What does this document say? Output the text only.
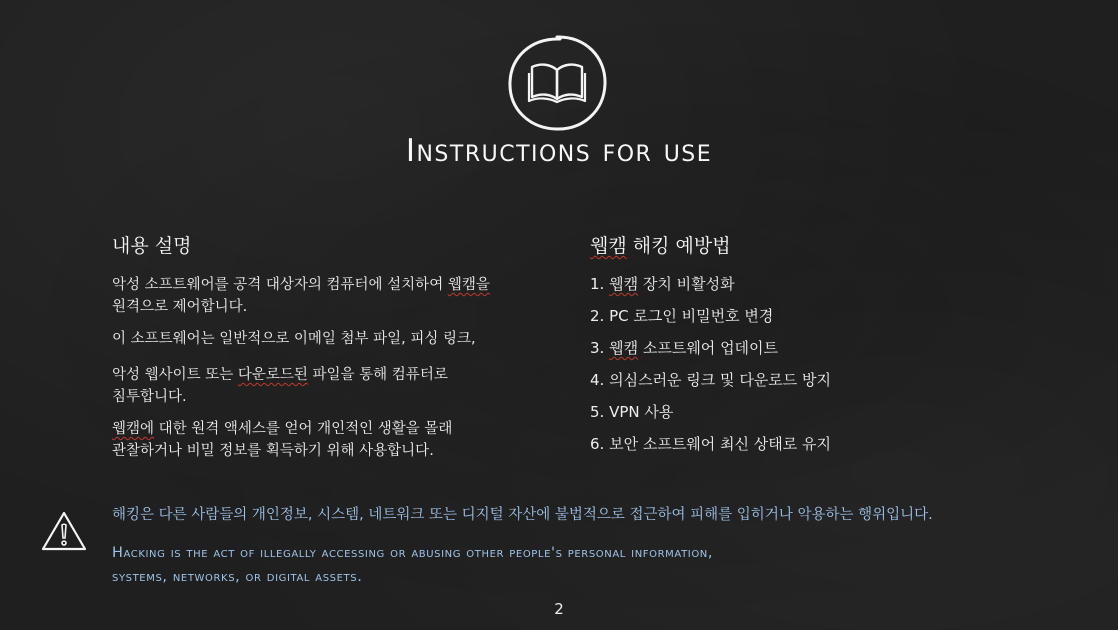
Instructions for use
내용 설명
악성 소프트웨어를 공격 대상자의 컴퓨터에 설치하여 웹캠을
원격으로 제어합니다.
이 소프트웨어는 일반적으로 이메일 첨부 파일, 피싱 링크,
악성 웹사이트 또는 다운로드된 파일을 통해 컴퓨터로
침투합니다.
웹캠에 대한 원격 액세스를 얻어 개인적인 생활을 몰래
관찰하거나 비밀 정보를 획득하기 위해 사용합니다.
웹캠 해킹 예방법
1. 웹캠 장치 비활성화
2. PC 로그인 비밀번호 변경
3. 웹캠 소프트웨어 업데이트
4. 의심스러운 링크 및 다운로드 방지
5. VPN 사용
6. 보안 소프트웨어 최신 상태로 유지
해킹은 다른 사람들의 개인정보, 시스템, 네트워크 또는 디지털 자산에 불법적으로 접근하여 피해를 입히거나 악용하는 행위입니다.
Hacking is the act of illegally accessing or abusing other people's personal information,
systems, networks, or digital assets.
2
